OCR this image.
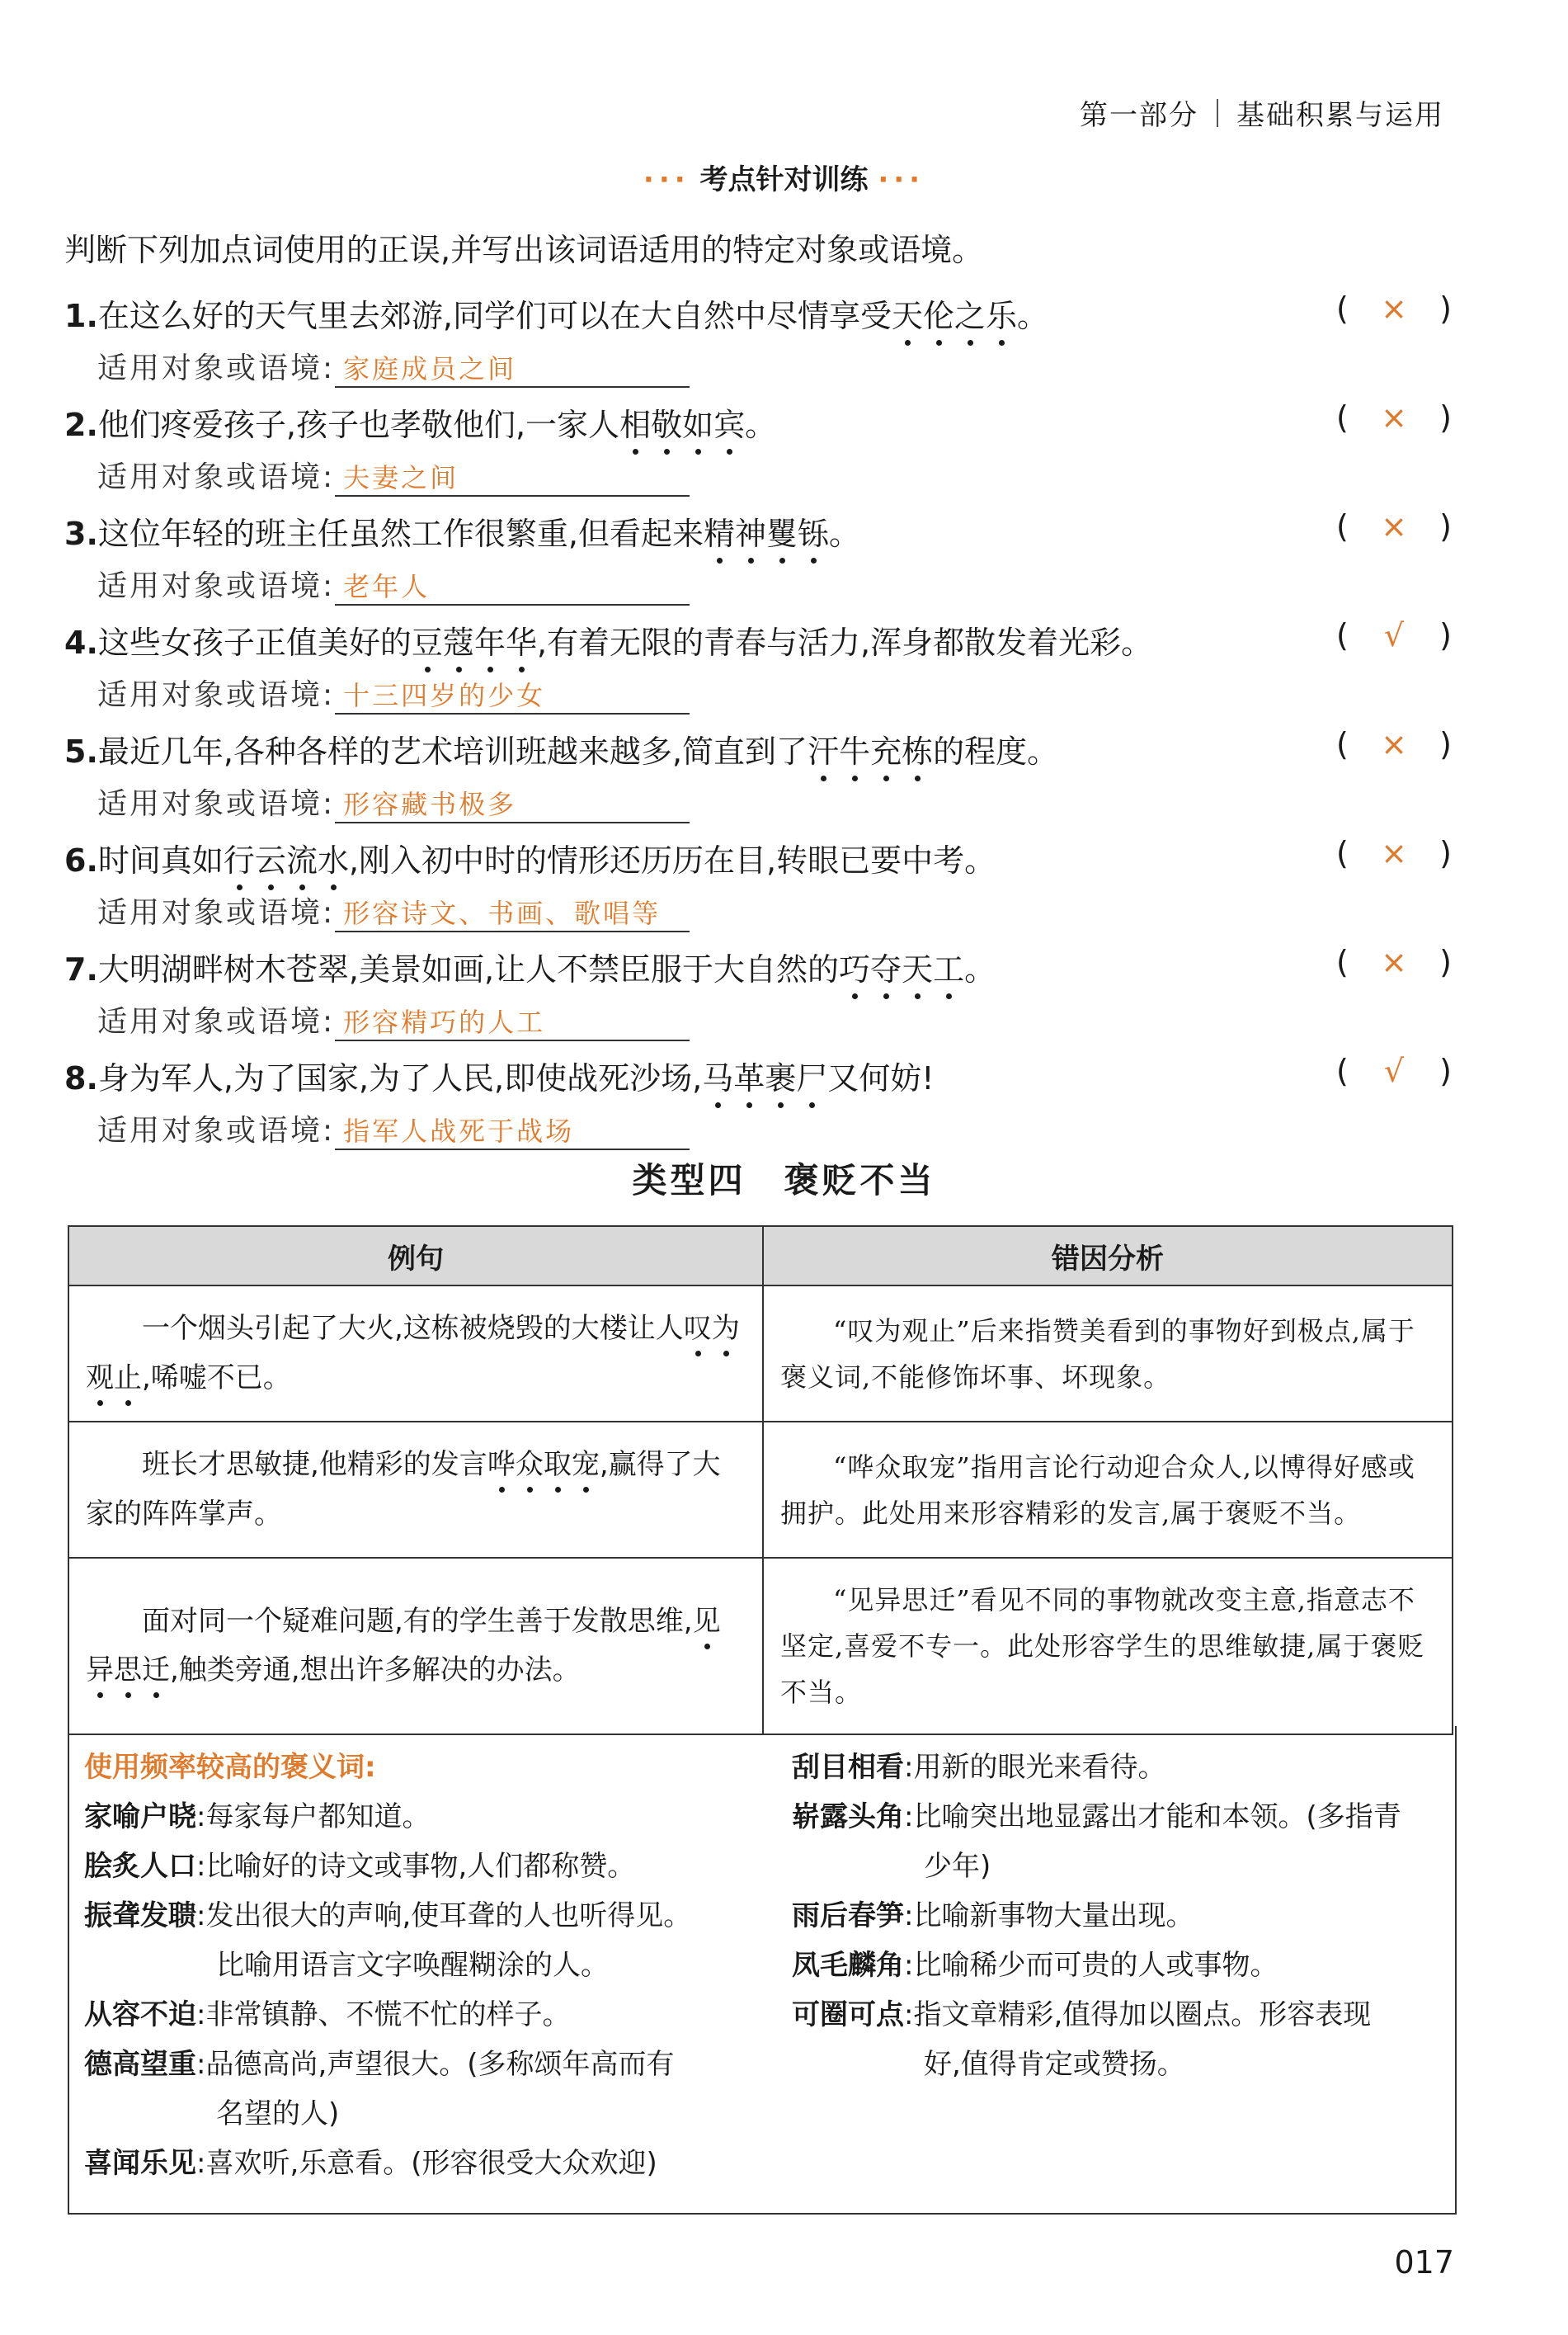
第一部分 基础积累与运用
··· 考点针对训练 ···
判断下列加点词使用的正误,并写出该词语适用的特定对象或语境。
1.在这么好的天气里去郊游,同学们可以在大自然中尽情享受天伦之乐。	( × )
适用对象或语境: 家庭成员之间
2.他们疼爱孩子,孩子也孝敬他们,一家人相敬如宾。	( × )
适用对象或语境: 夫妻之间
3.这位年轻的班主任虽然工作很繁重,但看起来精神矍铄。	( × )
适用对象或语境: 老年人
4.这些女孩子正值美好的豆蔻年华,有着无限的青春与活力,浑身都散发着光彩。	( √ )
适用对象或语境: 十三四岁的少女
5.最近几年,各种各样的艺术培训班越来越多,简直到了汗牛充栋的程度。	( × )
适用对象或语境: 形容藏书极多
6.时间真如行云流水,刚入初中时的情形还历历在目,转眼已要中考。	( × )
适用对象或语境: 形容诗文、书画、歌唱等
7.大明湖畔树木苍翠,美景如画,让人不禁臣服于大自然的巧夺天工。	( × )
适用对象或语境: 形容精巧的人工
8.身为军人,为了国家,为了人民,即使战死沙场,马革裹尸又何妨!	( √ )
适用对象或语境: 指军人战死于战场
类型四　褒贬不当
例句	错因分析
一个烟头引起了大火,这栋被烧毁的大楼让人叹为观止,唏嘘不已。	“叹为观止”后来指赞美看到的事物好到极点,属于褒义词,不能修饰坏事、坏现象。
班长才思敏捷,他精彩的发言哗众取宠,赢得了大家的阵阵掌声。	“哗众取宠”指用言论行动迎合众人,以博得好感或拥护。此处用来形容精彩的发言,属于褒贬不当。
面对同一个疑难问题,有的学生善于发散思维,见异思迁,触类旁通,想出许多解决的办法。	“见异思迁”看见不同的事物就改变主意,指意志不坚定,喜爱不专一。此处形容学生的思维敏捷,属于褒贬不当。
使用频率较高的褒义词:
家喻户晓:每家每户都知道。
脍炙人口:比喻好的诗文或事物,人们都称赞。
振聋发聩:发出很大的声响,使耳聋的人也听得见。
比喻用语言文字唤醒糊涂的人。
从容不迫:非常镇静、不慌不忙的样子。
德高望重:品德高尚,声望很大。(多称颂年高而有
名望的人)
喜闻乐见:喜欢听,乐意看。(形容很受大众欢迎)
刮目相看:用新的眼光来看待。
崭露头角:比喻突出地显露出才能和本领。(多指青
少年)
雨后春笋:比喻新事物大量出现。
凤毛麟角:比喻稀少而可贵的人或事物。
可圈可点:指文章精彩,值得加以圈点。形容表现
好,值得肯定或赞扬。
017
